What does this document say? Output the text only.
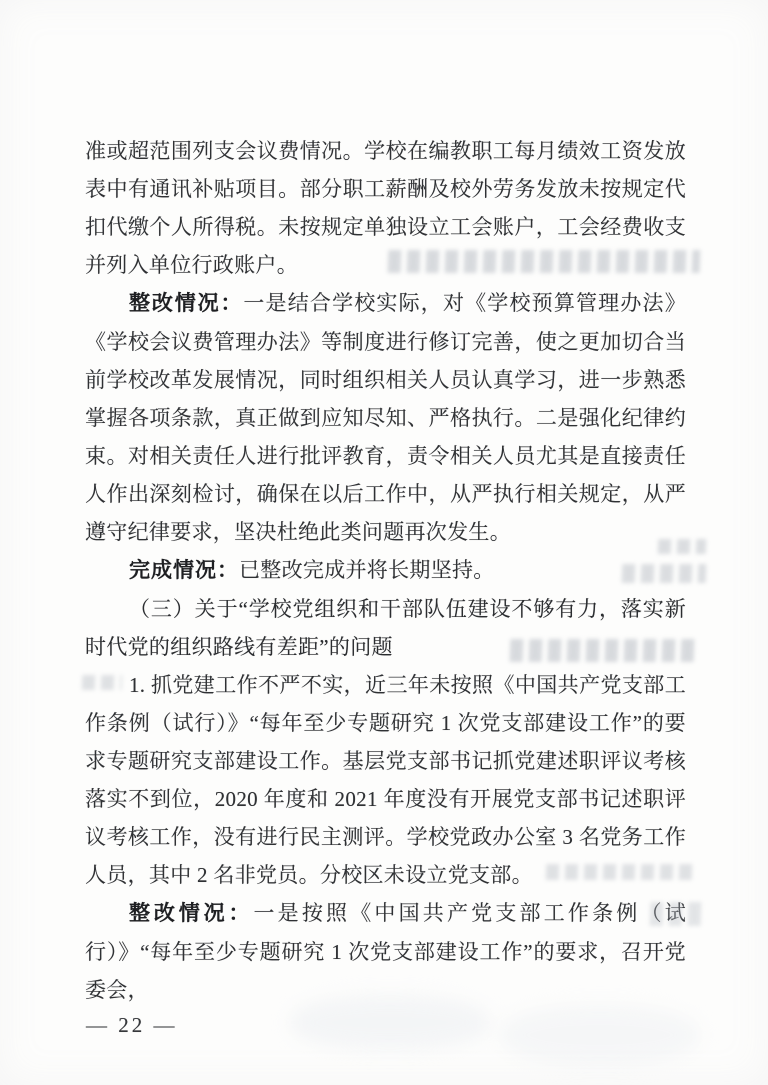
准或超范围列支会议费情况。学校在编教职工每月绩效工资发放表中有通讯补贴项目。部分职工薪酬及校外劳务发放未按规定代扣代缴个人所得税。未按规定单独设立工会账户，工会经费收支并列入单位行政账户。

整改情况：一是结合学校实际，对《学校预算管理办法》《学校会议费管理办法》等制度进行修订完善，使之更加切合当前学校改革发展情况，同时组织相关人员认真学习，进一步熟悉掌握各项条款，真正做到应知尽知、严格执行。二是强化纪律约束。对相关责任人进行批评教育，责令相关人员尤其是直接责任人作出深刻检讨，确保在以后工作中，从严执行相关规定，从严遵守纪律要求，坚决杜绝此类问题再次发生。

完成情况：已整改完成并将长期坚持。

（三）关于“学校党组织和干部队伍建设不够有力，落实新时代党的组织路线有差距”的问题

1. 抓党建工作不严不实，近三年未按照《中国共产党支部工作条例（试行）》“每年至少专题研究 1 次党支部建设工作”的要求专题研究支部建设工作。基层党支部书记抓党建述职评议考核落实不到位，2020 年度和 2021 年度没有开展党支部书记述职评议考核工作，没有进行民主测评。学校党政办公室 3 名党务工作人员，其中 2 名非党员。分校区未设立党支部。

整改情况：一是按照《中国共产党支部工作条例（试行）》“每年至少专题研究 1 次党支部建设工作”的要求，召开党委会，

— 22 —
